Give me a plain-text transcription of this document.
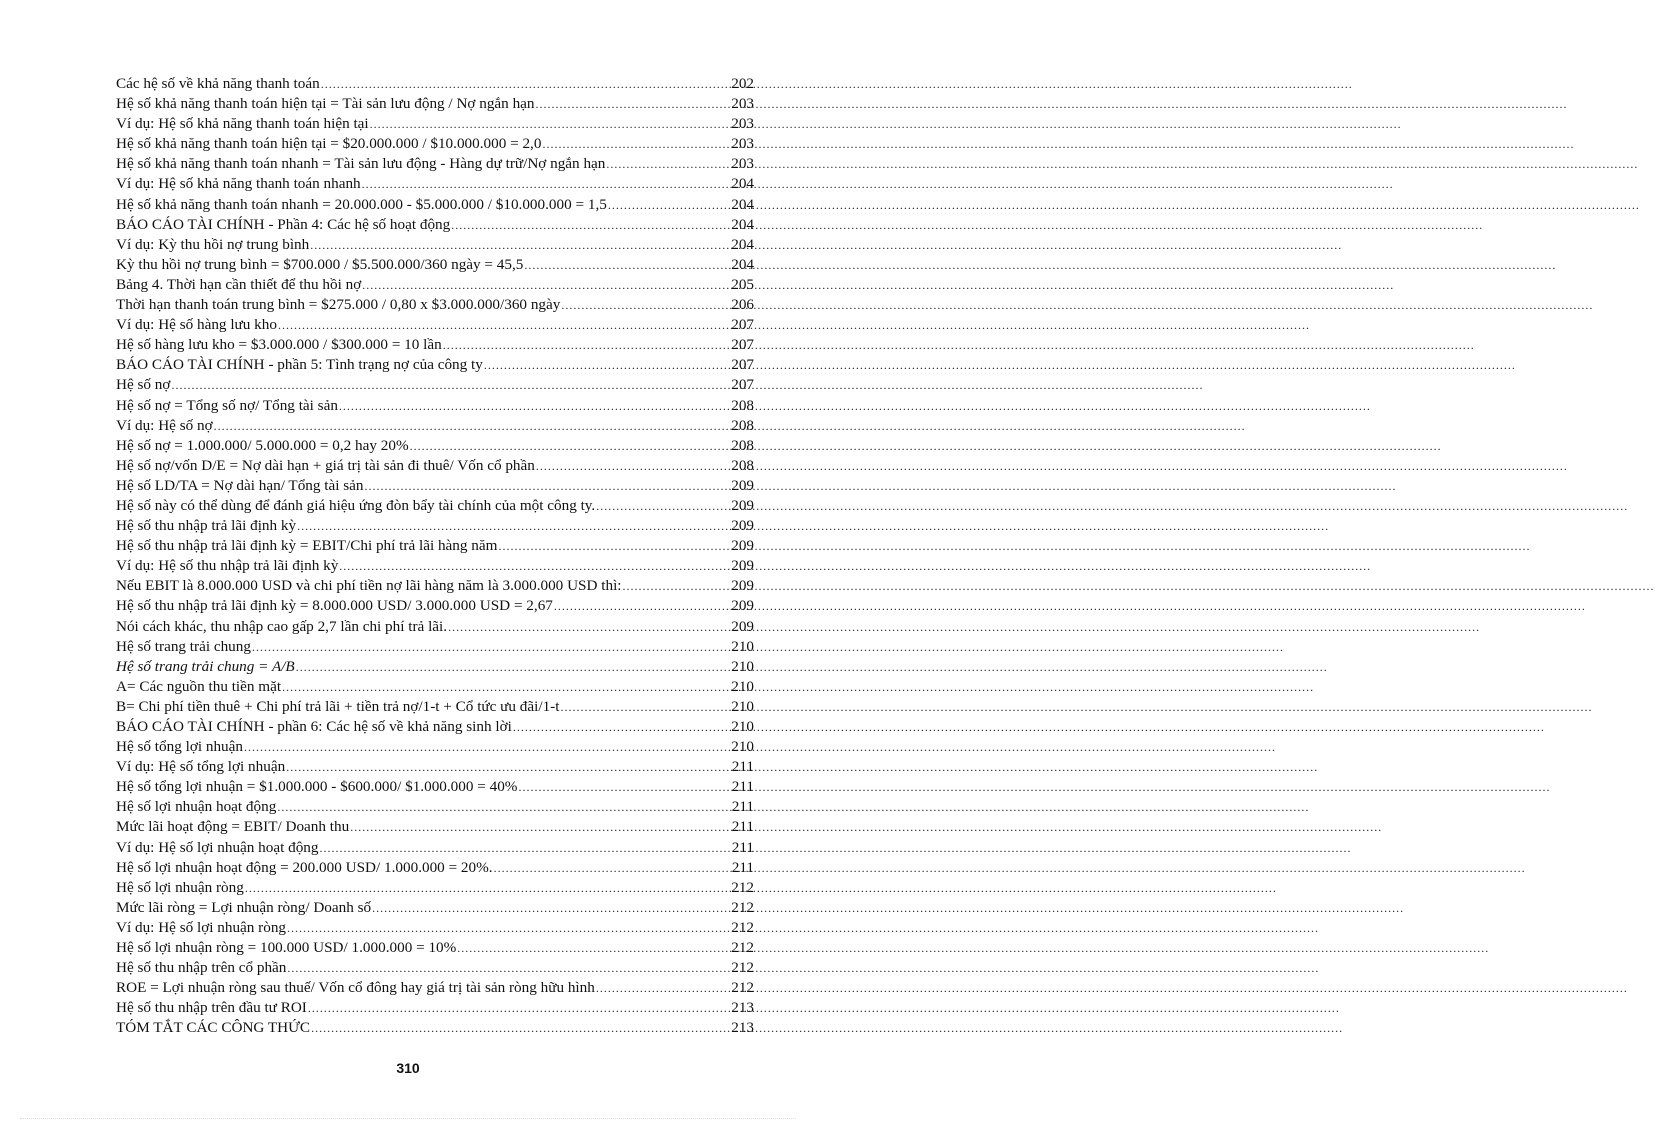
Các hệ số về khả năng thanh toán .....	202
Hệ số khả năng thanh toán hiện tại = Tài sản lưu động / Nợ ngắn hạn .....	203
Ví dụ: Hệ số khả năng thanh toán hiện tại .....	203
Hệ số khả năng thanh toán hiện tại = $20.000.000 / $10.000.000 = 2,0 .....	203
Hệ số khả năng thanh toán nhanh = Tài sản lưu động - Hàng dự trữ/Nợ ngắn hạn .....	203
Ví dụ: Hệ số khả năng thanh toán nhanh .....	204
Hệ số khả năng thanh toán nhanh = 20.000.000 - $5.000.000 / $10.000.000 = 1,5 .....	204
BÁO CÁO TÀI CHÍNH - Phần 4: Các hệ số hoạt động .....	204
Ví dụ: Kỳ thu hồi nợ trung bình .....	204
Kỳ thu hồi nợ trung bình = $700.000 / $5.500.000/360 ngày = 45,5 .....	204
Bảng 4. Thời hạn cần thiết để thu hồi nợ .....	205
Thời hạn thanh toán trung bình = $275.000 / 0,80 x $3.000.000/360 ngày .....	206
Ví dụ: Hệ số hàng lưu kho .....	207
Hệ số hàng lưu kho = $3.000.000 / $300.000 = 10 lần .....	207
BÁO CÁO TÀI CHÍNH - phần 5: Tình trạng nợ của công ty .....	207
Hệ số nợ .....	207
Hệ số nợ = Tổng số nợ/ Tổng tài sản .....	208
Ví dụ: Hệ số nợ .....	208
Hệ số nợ = 1.000.000/ 5.000.000 = 0,2 hay 20% .....	208
Hệ số nợ/vốn D/E = Nợ dài hạn + giá trị tài sản đi thuê/ Vốn cổ phần .....	208
Hệ số LD/TA = Nợ dài hạn/ Tổng tài sản .....	209
Hệ số này có thể dùng để đánh giá hiệu ứng đòn bẩy tài chính của một công ty. .....	209
Hệ số thu nhập trả lãi định kỳ .....	209
Hệ số thu nhập trả lãi định kỳ = EBIT/Chi phí trả lãi hàng năm .....	209
Ví dụ: Hệ số thu nhập trả lãi định kỳ .....	209
Nếu EBIT là 8.000.000 USD và chi phí tiền nợ lãi hàng năm là 3.000.000 USD thì: .....	209
Hệ số thu nhập trả lãi định kỳ = 8.000.000 USD/ 3.000.000 USD = 2,67 .....	209
Nói cách khác, thu nhập cao gấp 2,7 lần chi phí trả lãi. .....	209
Hệ số trang trải chung .....	210
Hệ số trang trải chung = A/B .....	210
A= Các nguồn thu tiền mặt .....	210
B= Chi phí tiền thuê + Chi phí trả lãi + tiền trả nợ/1-t + Cổ tức ưu đãi/1-t .....	210
BÁO CÁO TÀI CHÍNH - phần 6: Các hệ số về khả năng sinh lời .....	210
Hệ số tổng lợi nhuận .....	210
Ví dụ: Hệ số tổng lợi nhuận .....	211
Hệ số tổng lợi nhuận = $1.000.000 - $600.000/ $1.000.000 = 40% .....	211
Hệ số lợi nhuận hoạt động .....	211
Mức lãi hoạt động = EBIT/ Doanh thu .....	211
Ví dụ: Hệ số lợi nhuận hoạt động .....	211
Hệ số lợi nhuận hoạt động = 200.000 USD/ 1.000.000 = 20%. .....	211
Hệ số lợi nhuận ròng .....	212
Mức lãi ròng = Lợi nhuận ròng/ Doanh số .....	212
Ví dụ: Hệ số lợi nhuận ròng .....	212
Hệ số lợi nhuận ròng = 100.000 USD/ 1.000.000 = 10% .....	212
Hệ số thu nhập trên cổ phần .....	212
ROE = Lợi nhuận ròng sau thuế/ Vốn cổ đông hay giá trị tài sản ròng hữu hình .....	212
Hệ số thu nhập trên đầu tư ROI .....	213
TÓM TẮT CÁC CÔNG THỨC .....	213
310
